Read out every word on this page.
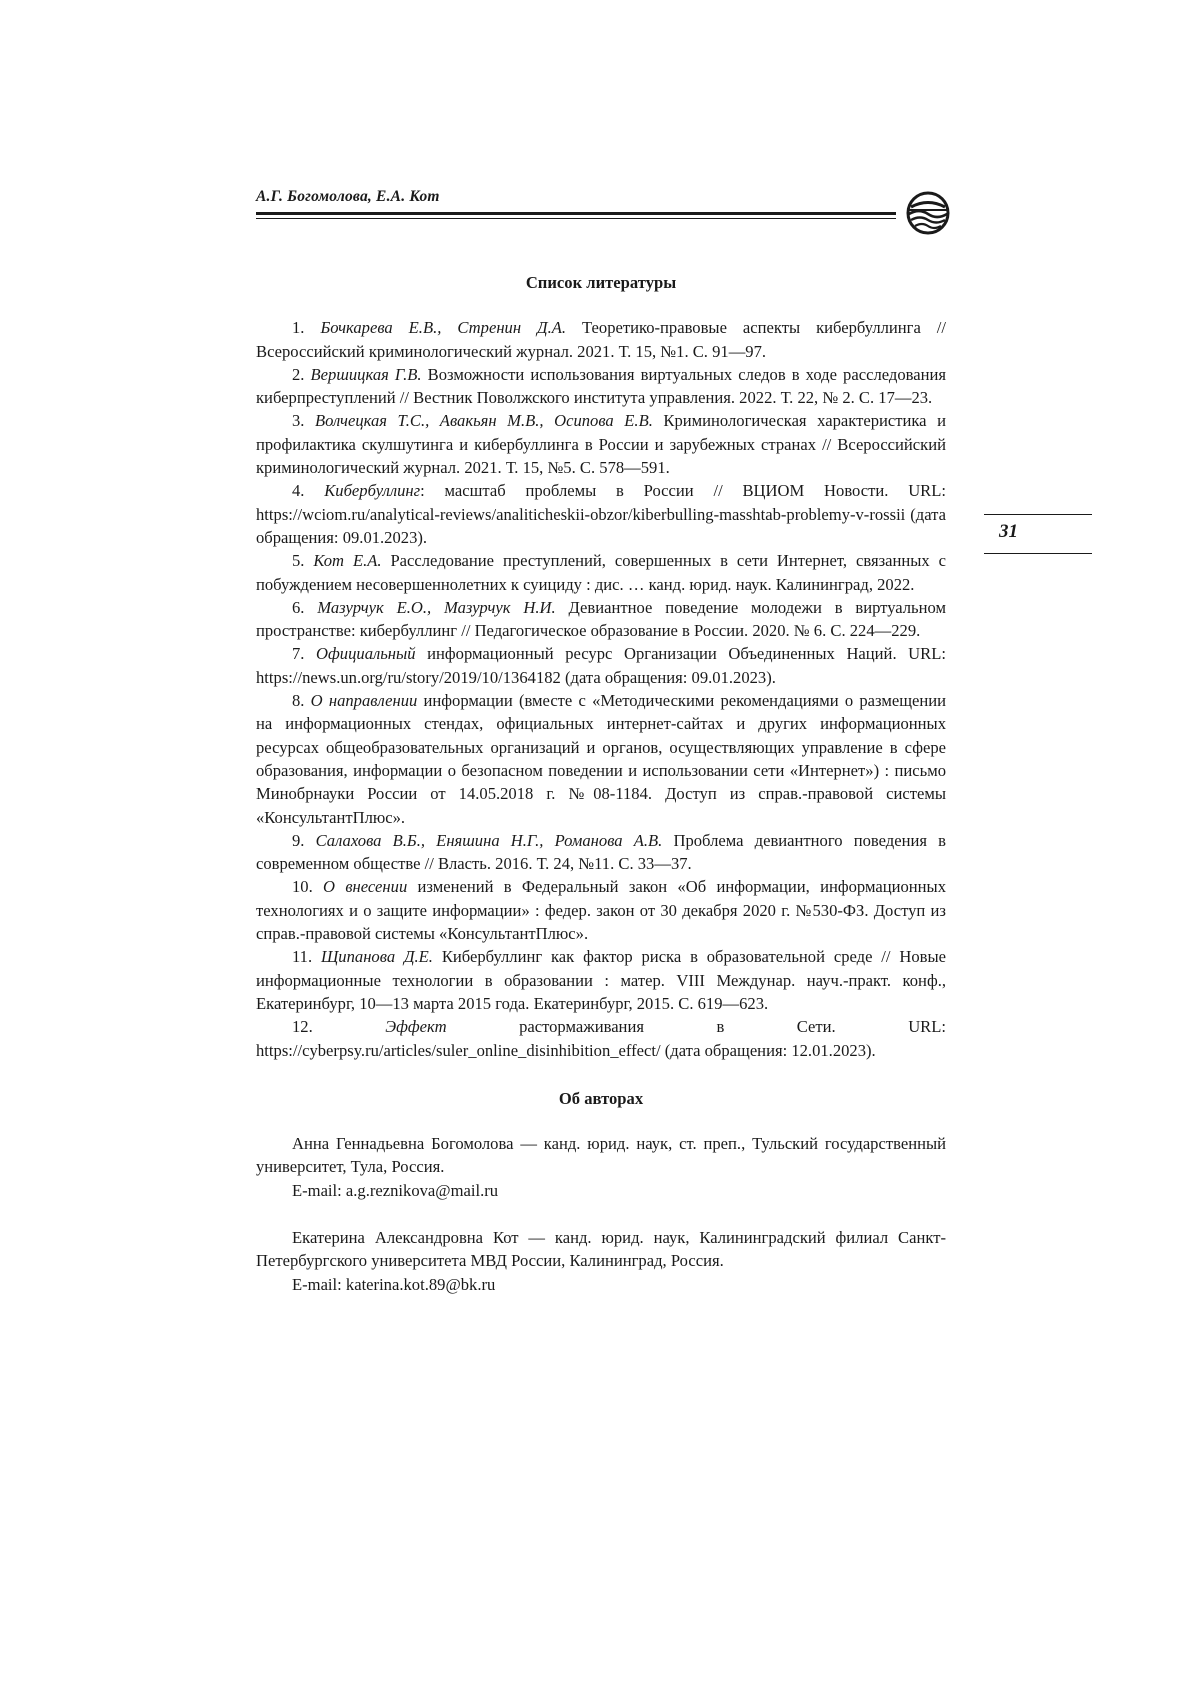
А.Г. Богомолова, Е.А. Кот
31
Список литературы

1. Бочкарева Е.В., Стренин Д.А. Теоретико-правовые аспекты кибербуллинга // Всероссийский криминологический журнал. 2021. Т. 15, №1. С. 91—97.

2. Вершицкая Г.В. Возможности использования виртуальных следов в ходе расследования киберпреступлений // Вестник Поволжского института управления. 2022. Т. 22, № 2. С. 17—23.

3. Волчецкая Т.С., Авакьян М.В., Осипова Е.В. Криминологическая характеристика и профилактика скулшутинга и кибербуллинга в России и зарубежных странах // Всероссийский криминологический журнал. 2021. Т. 15, №5. С. 578—591.

4. Кибербуллинг: масштаб проблемы в России // ВЦИОМ Новости. URL: https://wciom.ru/analytical-reviews/analiticheskii-obzor/kiberbulling-masshtab-problemy-v-rossii (дата обращения: 09.01.2023).

5. Кот Е.А. Расследование преступлений, совершенных в сети Интернет, связанных с побуждением несовершеннолетних к суициду : дис. … канд. юрид. наук. Калининград, 2022.

6. Мазурчук Е.О., Мазурчук Н.И. Девиантное поведение молодежи в виртуальном пространстве: кибербуллинг // Педагогическое образование в России. 2020. № 6. С. 224—229.

7. Официальный информационный ресурс Организации Объединенных Наций. URL: https://news.un.org/ru/story/2019/10/1364182 (дата обращения: 09.01.2023).

8. О направлении информации (вместе с «Методическими рекомендациями о размещении на информационных стендах, официальных интернет-сайтах и других информационных ресурсах общеобразовательных организаций и органов, осуществляющих управление в сфере образования, информации о безопасном поведении и использовании сети «Интернет») : письмо Минобрнауки России от 14.05.2018 г. №08-1184. Доступ из справ.-правовой системы «КонсультантПлюс».

9. Салахова В.Б., Еняшина Н.Г., Романова А.В. Проблема девиантного поведения в современном обществе // Власть. 2016. Т. 24, №11. С. 33—37.

10. О внесении изменений в Федеральный закон «Об информации, информационных технологиях и о защите информации» : федер. закон от 30 декабря 2020 г. №530-ФЗ. Доступ из справ.-правовой системы «КонсультантПлюс».

11. Щипанова Д.Е. Кибербуллинг как фактор риска в образовательной среде // Новые информационные технологии в образовании : матер. VIII Междунар. науч.-практ. конф., Екатеринбург, 10—13 марта 2015 года. Екатеринбург, 2015. С. 619—623.

12.	Эффект	растормаживания в Сети. URL: https://cyberpsy.ru/articles/suler_online_disinhibition_effect/ (дата обращения: 12.01.2023).

Об авторах

Анна Геннадьевна Богомолова — канд. юрид. наук, ст. преп., Тульский государственный университет, Тула, Россия.

E-mail: a.g.reznikova@mail.ru

Екатерина Александровна Кот — канд. юрид. наук, Калининградский филиал Санкт-Петербургского университета МВД России, Калининград, Россия.

E-mail: katerina.kot.89@bk.ru
